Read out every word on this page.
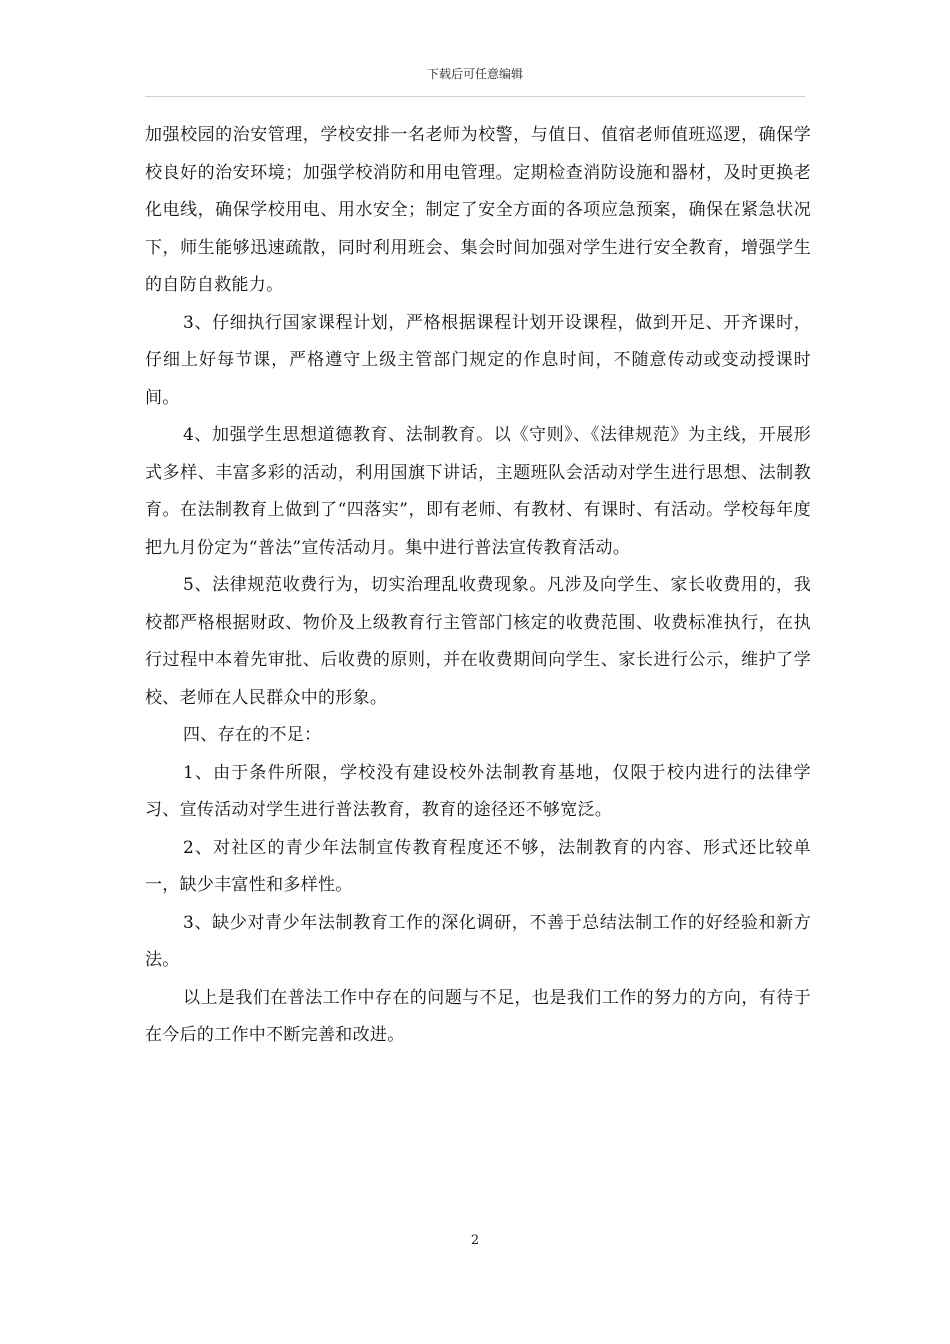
下载后可任意编辑

加强校园的治安管理，学校安排一名老师为校警，与值日、值宿老师值班巡逻，确保学校良好的治安环境；加强学校消防和用电管理。定期检查消防设施和器材，及时更换老化电线，确保学校用电、用水安全；制定了安全方面的各项应急预案，确保在紧急状况下，师生能够迅速疏散，同时利用班会、集会时间加强对学生进行安全教育，增强学生的自防自救能力。

3、仔细执行国家课程计划，严格根据课程计划开设课程，做到开足、开齐课时，仔细上好每节课，严格遵守上级主管部门规定的作息时间，不随意传动或变动授课时间。

4、加强学生思想道德教育、法制教育。以《守则》、《法律规范》为主线，开展形式多样、丰富多彩的活动，利用国旗下讲话，主题班队会活动对学生进行思想、法制教育。在法制教育上做到了“四落实”，即有老师、有教材、有课时、有活动。学校每年度把九月份定为“普法”宣传活动月。集中进行普法宣传教育活动。

5、法律规范收费行为，切实治理乱收费现象。凡涉及向学生、家长收费用的，我校都严格根据财政、物价及上级教育行主管部门核定的收费范围、收费标准执行，在执行过程中本着先审批、后收费的原则，并在收费期间向学生、家长进行公示，维护了学校、老师在人民群众中的形象。

四、存在的不足：

1、由于条件所限，学校没有建设校外法制教育基地，仅限于校内进行的法律学习、宣传活动对学生进行普法教育，教育的途径还不够宽泛。

2、对社区的青少年法制宣传教育程度还不够，法制教育的内容、形式还比较单一，缺少丰富性和多样性。

3、缺少对青少年法制教育工作的深化调研，不善于总结法制工作的好经验和新方法。

以上是我们在普法工作中存在的问题与不足，也是我们工作的努力的方向，有待于在今后的工作中不断完善和改进。

2
